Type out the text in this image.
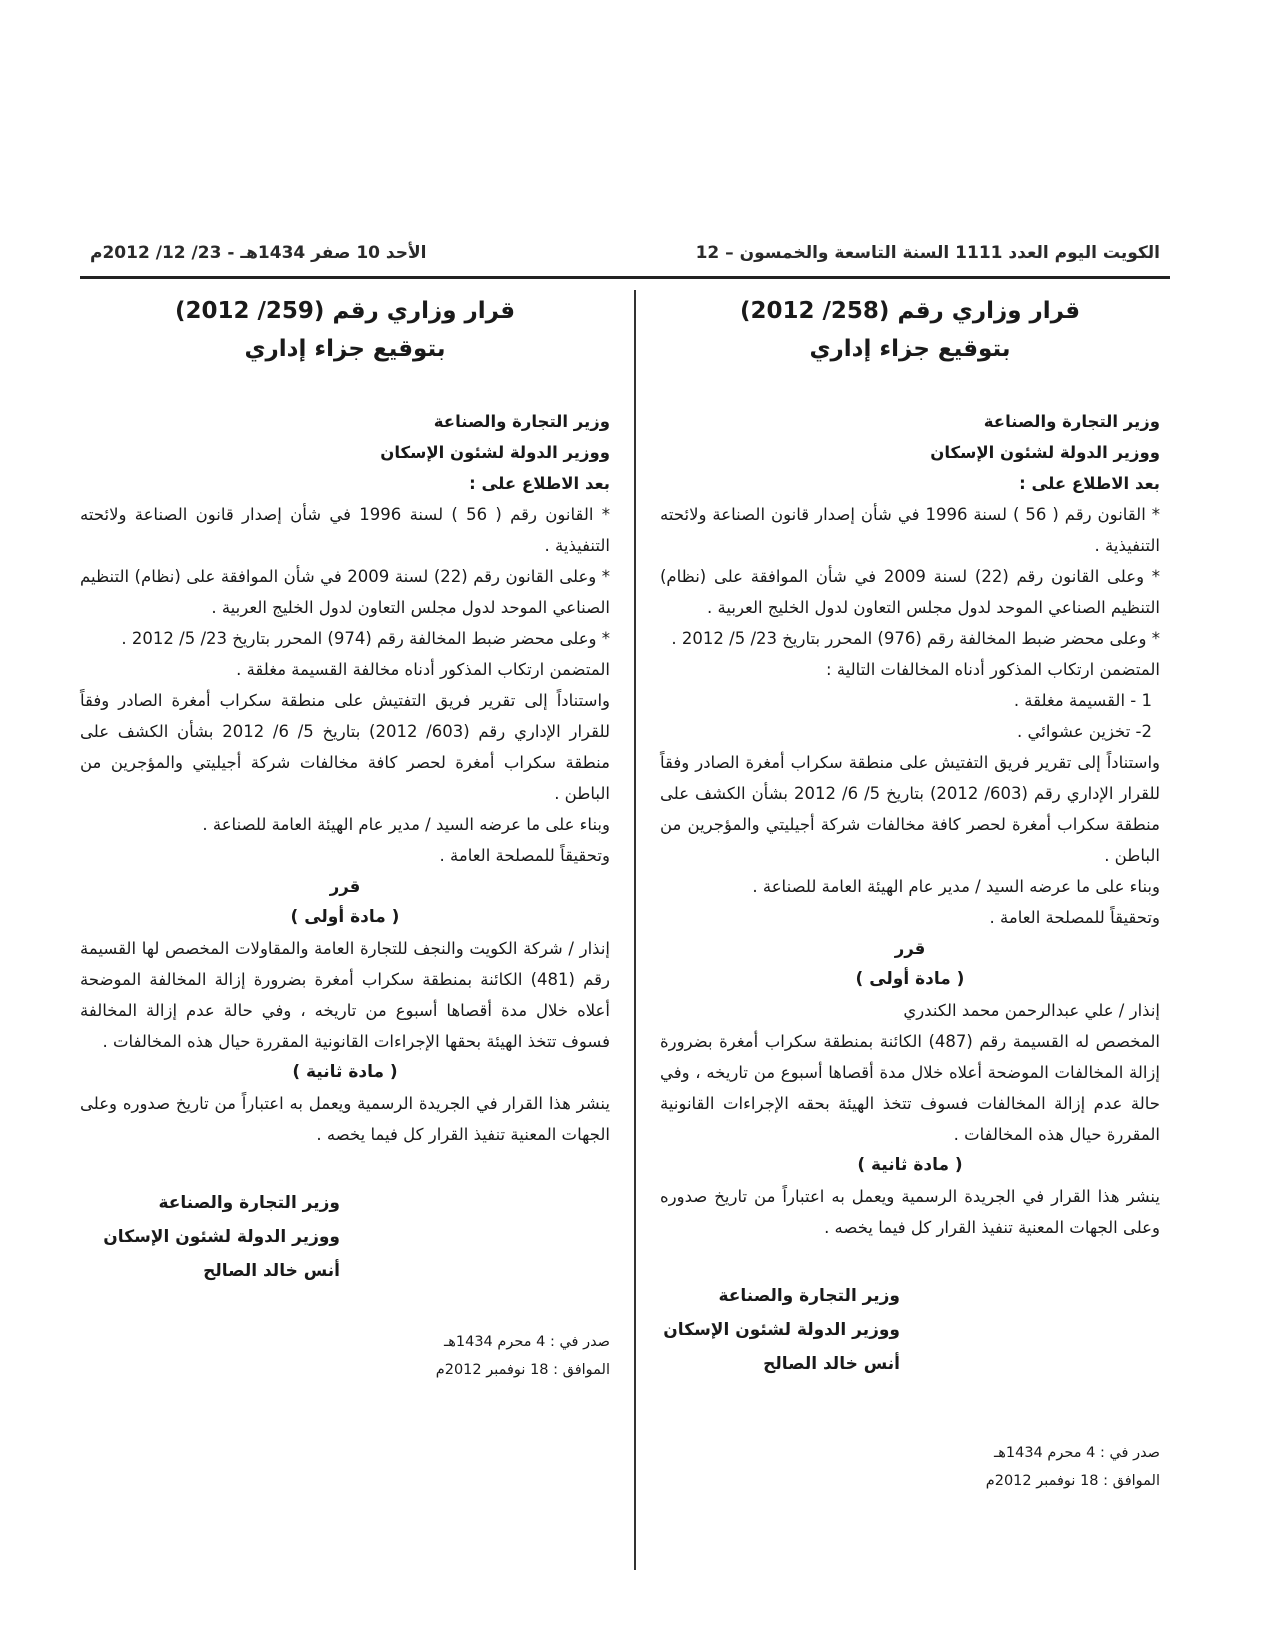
الكويت اليوم العدد 1111 السنة التاسعة والخمسون – 12
الأحد 10 صفر 1434هـ - 23/ 12/ 2012م

قرار وزاري رقم (258/ 2012)

بتوقيع جزاء إداري

وزير التجارة والصناعة

ووزير الدولة لشئون الإسكان

بعد الاطلاع على :

* القانون رقم ( 56 ) لسنة 1996 في شأن إصدار قانون الصناعة ولائحته التنفيذية .

* وعلى القانون رقم (22) لسنة 2009 في شأن الموافقة على (نظام) التنظيم الصناعي الموحد لدول مجلس التعاون لدول الخليج العربية .

* وعلى محضر ضبط المخالفة رقم (976) المحرر بتاريخ 23/ 5/ 2012 .

المتضمن ارتكاب المذكور أدناه المخالفات التالية :

1 - القسيمة مغلقة .

2- تخزين عشوائي .

واستناداً إلى تقرير فريق التفتيش على منطقة سكراب أمغرة الصادر وفقاً للقرار الإداري رقم (603/ 2012) بتاريخ 5/ 6/ 2012 بشأن الكشف على منطقة سكراب أمغرة لحصر كافة مخالفات شركة أجيليتي والمؤجرين من الباطن .

وبناء على ما عرضه السيد / مدير عام الهيئة العامة للصناعة .

وتحقيقاً للمصلحة العامة .

قرر

( مادة أولى )

إنذار / علي عبدالرحمن محمد الكندري

المخصص له القسيمة رقم (487) الكائنة بمنطقة سكراب أمغرة بضرورة إزالة المخالفات الموضحة أعلاه خلال مدة أقصاها أسبوع من تاريخه ، وفي حالة عدم إزالة المخالفات فسوف تتخذ الهيئة بحقه الإجراءات القانونية المقررة حيال هذه المخالفات .

( مادة ثانية )

ينشر هذا القرار في الجريدة الرسمية ويعمل به اعتباراً من تاريخ صدوره وعلى الجهات المعنية تنفيذ القرار كل فيما يخصه .

وزير التجارة والصناعة

ووزير الدولة لشئون الإسكان

أنس خالد الصالح

صدر في : 4 محرم 1434هـ

الموافق : 18 نوفمبر 2012م

قرار وزاري رقم (259/ 2012)

بتوقيع جزاء إداري

وزير التجارة والصناعة

ووزير الدولة لشئون الإسكان

بعد الاطلاع على :

* القانون رقم ( 56 ) لسنة 1996 في شأن إصدار قانون الصناعة ولائحته التنفيذية .

* وعلى القانون رقم (22) لسنة 2009 في شأن الموافقة على (نظام) التنظيم الصناعي الموحد لدول مجلس التعاون لدول الخليج العربية .

* وعلى محضر ضبط المخالفة رقم (974) المحرر بتاريخ 23/ 5/ 2012 .

المتضمن ارتكاب المذكور أدناه مخالفة القسيمة مغلقة .

واستناداً إلى تقرير فريق التفتيش على منطقة سكراب أمغرة الصادر وفقاً للقرار الإداري رقم (603/ 2012) بتاريخ 5/ 6/ 2012 بشأن الكشف على منطقة سكراب أمغرة لحصر كافة مخالفات شركة أجيليتي والمؤجرين من الباطن .

وبناء على ما عرضه السيد / مدير عام الهيئة العامة للصناعة .

وتحقيقاً للمصلحة العامة .

قرر

( مادة أولى )

إنذار / شركة الكويت والنجف للتجارة العامة والمقاولات المخصص لها القسيمة رقم (481) الكائنة بمنطقة سكراب أمغرة بضرورة إزالة المخالفة الموضحة أعلاه خلال مدة أقصاها أسبوع من تاريخه ، وفي حالة عدم إزالة المخالفة فسوف تتخذ الهيئة بحقها الإجراءات القانونية المقررة حيال هذه المخالفات .

( مادة ثانية )

ينشر هذا القرار في الجريدة الرسمية ويعمل به اعتباراً من تاريخ صدوره وعلى الجهات المعنية تنفيذ القرار كل فيما يخصه .

وزير التجارة والصناعة

ووزير الدولة لشئون الإسكان

أنس خالد الصالح

صدر في : 4 محرم 1434هـ

الموافق : 18 نوفمبر 2012م
